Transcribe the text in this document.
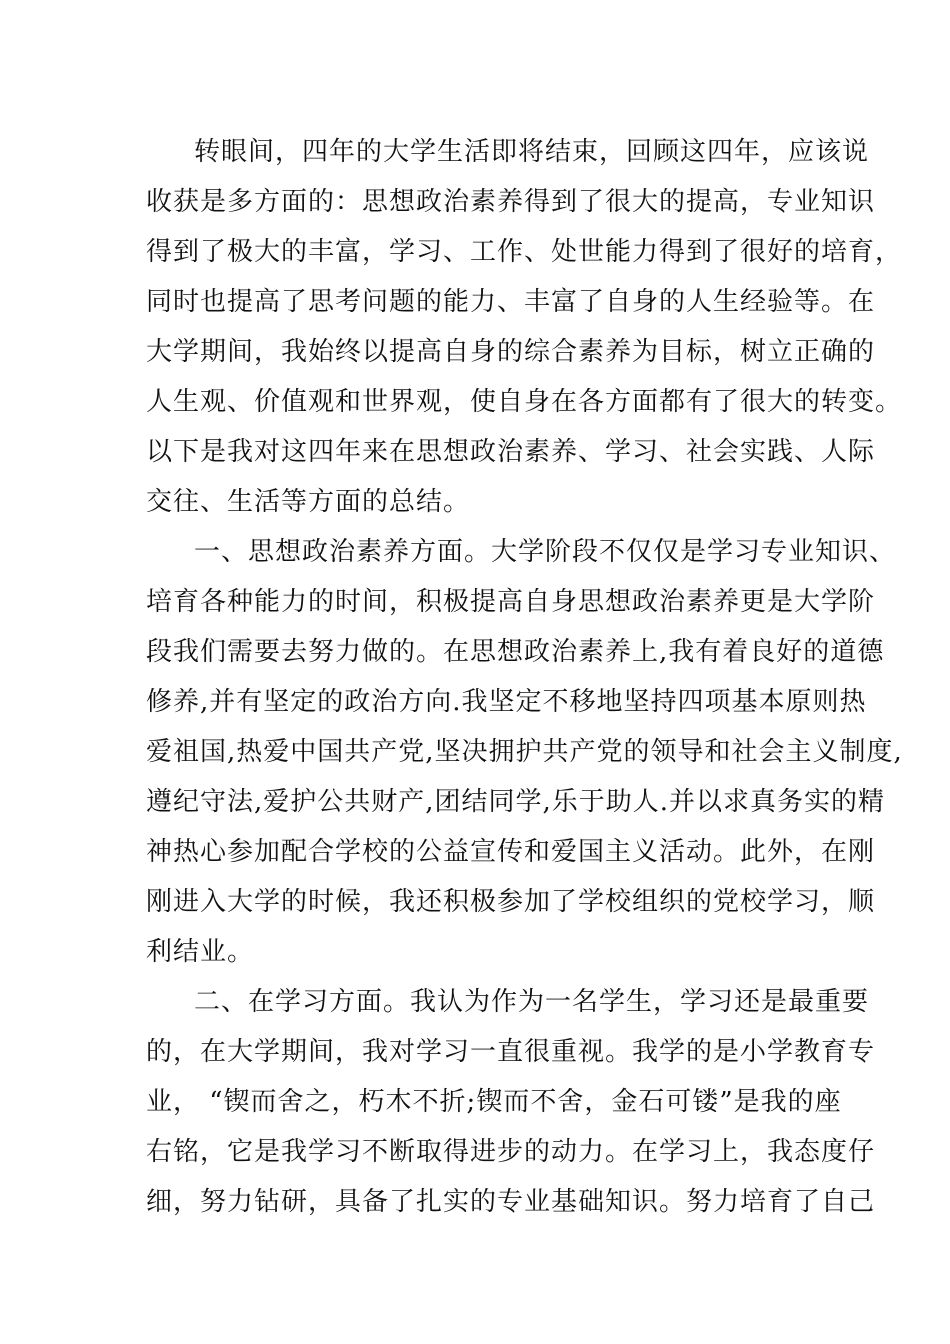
转眼间，四年的大学生活即将结束，回顾这四年，应该说
收获是多方面的：思想政治素养得到了很大的提高，专业知识
得到了极大的丰富，学习、工作、处世能力得到了很好的培育，
同时也提高了思考问题的能力、丰富了自身的人生经验等。在
大学期间，我始终以提高自身的综合素养为目标，树立正确的
人生观、价值观和世界观，使自身在各方面都有了很大的转变。
以下是我对这四年来在思想政治素养、学习、社会实践、人际
交往、生活等方面的总结。
一、思想政治素养方面。大学阶段不仅仅是学习专业知识、
培育各种能力的时间，积极提高自身思想政治素养更是大学阶
段我们需要去努力做的。在思想政治素养上,我有着良好的道德
修养,并有坚定的政治方向.我坚定不移地坚持四项基本原则热
爱祖国,热爱中国共产党,坚决拥护共产党的领导和社会主义制度,
遵纪守法,爱护公共财产,团结同学,乐于助人.并以求真务实的精
神热心参加配合学校的公益宣传和爱国主义活动。此外，在刚
刚进入大学的时候，我还积极参加了学校组织的党校学习，顺
利结业。
二、在学习方面。我认为作为一名学生，学习还是最重要
的，在大学期间，我对学习一直很重视。我学的是小学教育专
业， “锲而舍之，朽木不折;锲而不舍，金石可镂”是我的座
右铭，它是我学习不断取得进步的动力。在学习上，我态度仔
细，努力钻研，具备了扎实的专业基础知识。努力培育了自己
